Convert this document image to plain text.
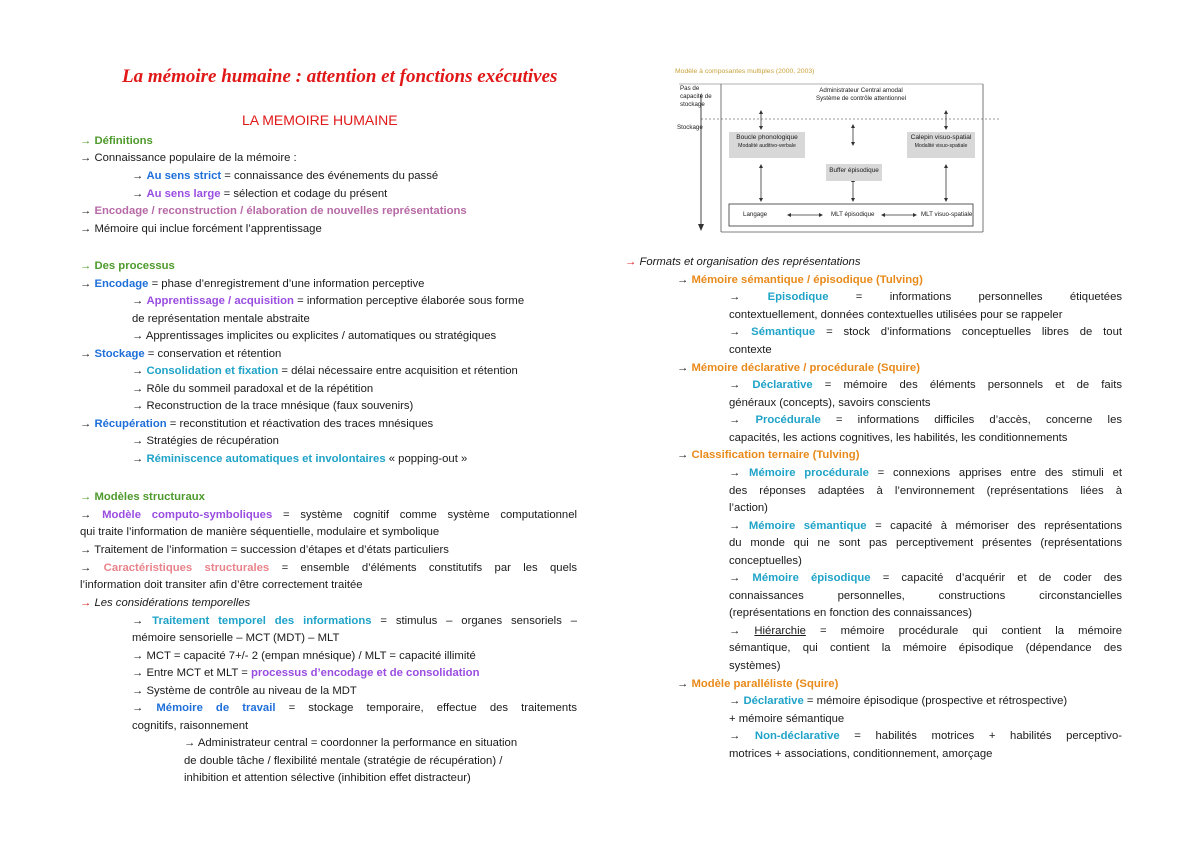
La mémoire humaine : attention et fonctions exécutives
LA MEMOIRE HUMAINE
→ Définitions
→ Connaissance populaire de la mémoire :
→ Au sens strict = connaissance des événements du passé
→ Au sens large = sélection et codage du présent
→ Encodage / reconstruction / élaboration de nouvelles représentations
→ Mémoire qui inclue forcément l’apprentissage
→ Des processus
→ Encodage = phase d’enregistrement d’une information perceptive
→ Apprentissage / acquisition = information perceptive élaborée sous forme
de représentation mentale abstraite
→ Apprentissages implicites ou explicites / automatiques ou stratégiques
→ Stockage = conservation et rétention
→ Consolidation et fixation = délai nécessaire entre acquisition et rétention
→ Rôle du sommeil paradoxal et de la répétition
→ Reconstruction de la trace mnésique (faux souvenirs)
→ Récupération = reconstitution et réactivation des traces mnésiques
→ Stratégies de récupération
→ Réminiscence automatiques et involontaires « popping-out »
→ Modèles structuraux
→ Modèle computo-symboliques = système cognitif comme système computationnel
qui traite l’information de manière séquentielle, modulaire et symbolique
→ Traitement de l’information = succession d’étapes et d’états particuliers
→ Caractéristiques structurales = ensemble d’éléments constitutifs par les quels
l’information doit transiter afin d’être correctement traitée
→ Les considérations temporelles
→ Traitement temporel des informations = stimulus – organes sensoriels –
mémoire sensorielle – MCT (MDT) – MLT
→ MCT = capacité 7+/- 2 (empan mnésique) / MLT = capacité illimité
→ Entre MCT et MLT = processus d’encodage et de consolidation
→ Système de contrôle au niveau de la MDT
→ Mémoire de travail = stockage temporaire, effectue des traitements
cognitifs, raisonnement
→ Administrateur central = coordonner la performance en situation
de double tâche / flexibilité mentale (stratégie de récupération) /
inhibition et attention sélective (inhibition effet distracteur)
Modèle à composantes multiples (2000, 2003)
Pas de
capacité de
stockage
Stockage
Administrateur Central amodal
Système de contrôle attentionnel
Boucle phonologique
Modalité auditivo-verbale
Calepin visuo-spatial
Modalité visuo-spatiale
Buffer épisodique
Langage	MLT épisodique	MLT visuo-spatiale
→ Formats et organisation des représentations
→ Mémoire sémantique / épisodique (Tulving)
→ Episodique = informations personnelles étiquetées
contextuellement, données contextuelles utilisées pour se rappeler
→ Sémantique = stock d’informations conceptuelles libres de tout
contexte
→ Mémoire déclarative / procédurale (Squire)
→ Déclarative = mémoire des éléments personnels et de faits
généraux (concepts), savoirs conscients
→ Procédurale = informations difficiles d’accès, concerne les
capacités, les actions cognitives, les habilités, les conditionnements
→ Classification ternaire (Tulving)
→ Mémoire procédurale = connexions apprises entre des stimuli et
des réponses adaptées à l’environnement (représentations liées à
l’action)
→ Mémoire sémantique = capacité à mémoriser des représentations
du monde qui ne sont pas perceptivement présentes (représentations
conceptuelles)
→ Mémoire épisodique = capacité d’acquérir et de coder des
connaissances personnelles, constructions circonstancielles
(représentations en fonction des connaissances)
→ Hiérarchie = mémoire procédurale qui contient la mémoire
sémantique, qui contient la mémoire épisodique (dépendance des
systèmes)
→ Modèle paralléliste (Squire)
→ Déclarative = mémoire épisodique (prospective et rétrospective)
+ mémoire sémantique
→ Non-déclarative = habilités motrices + habilités perceptivo-
motrices + associations, conditionnement, amorçage
